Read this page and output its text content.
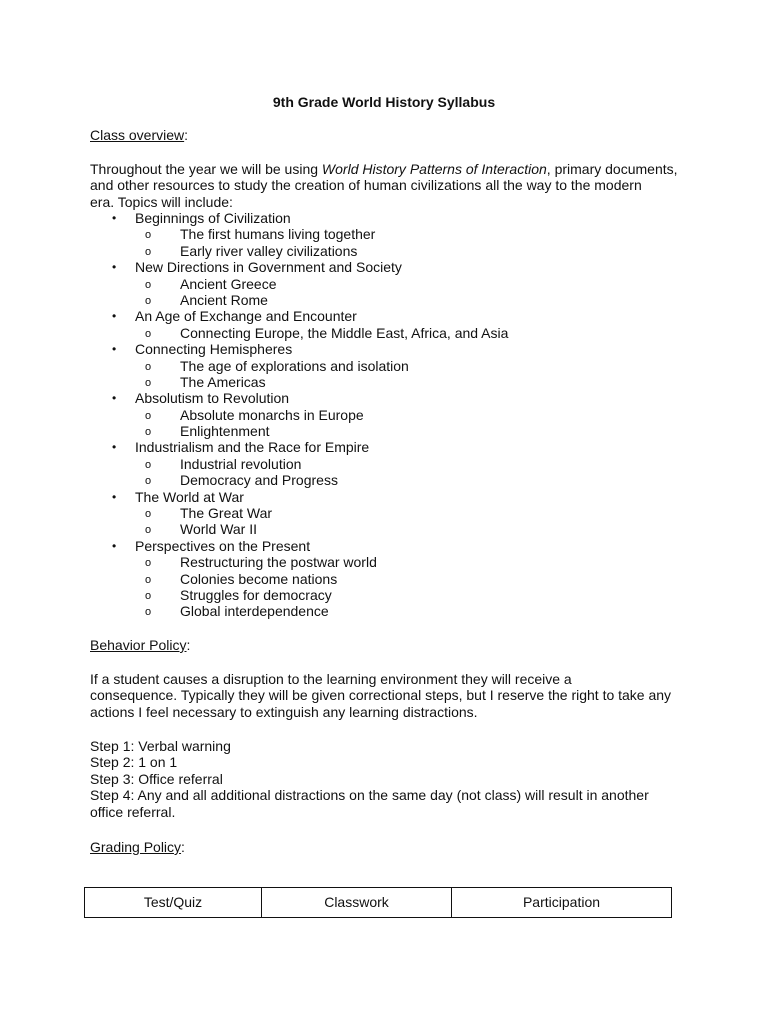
9th Grade World History Syllabus
Class overview:

Throughout the year we will be using World History Patterns of Interaction, primary documents,

and other resources to study the creation of human civilizations all the way to the modern

era. Topics will include:

• Beginnings of Civilization
o The first humans living together
o Early river valley civilizations
• New Directions in Government and Society
o Ancient Greece
o Ancient Rome
• An Age of Exchange and Encounter
o Connecting Europe, the Middle East, Africa, and Asia
• Connecting Hemispheres
o The age of explorations and isolation
o The Americas
• Absolutism to Revolution
o Absolute monarchs in Europe
o Enlightenment
• Industrialism and the Race for Empire
o Industrial revolution
o Democracy and Progress
• The World at War
o The Great War
o World War II
• Perspectives on the Present
o Restructuring the postwar world
o Colonies become nations
o Struggles for democracy
o Global interdependence
Behavior Policy:

If a student causes a disruption to the learning environment they will receive a

consequence. Typically they will be given correctional steps, but I reserve the right to take any

actions I feel necessary to extinguish any learning distractions.

Step 1: Verbal warning
Step 2: 1 on 1
Step 3: Office referral
Step 4: Any and all additional distractions on the same day (not class) will result in another office referral.
Grading Policy:
Test/Quiz	Classwork	Participation
